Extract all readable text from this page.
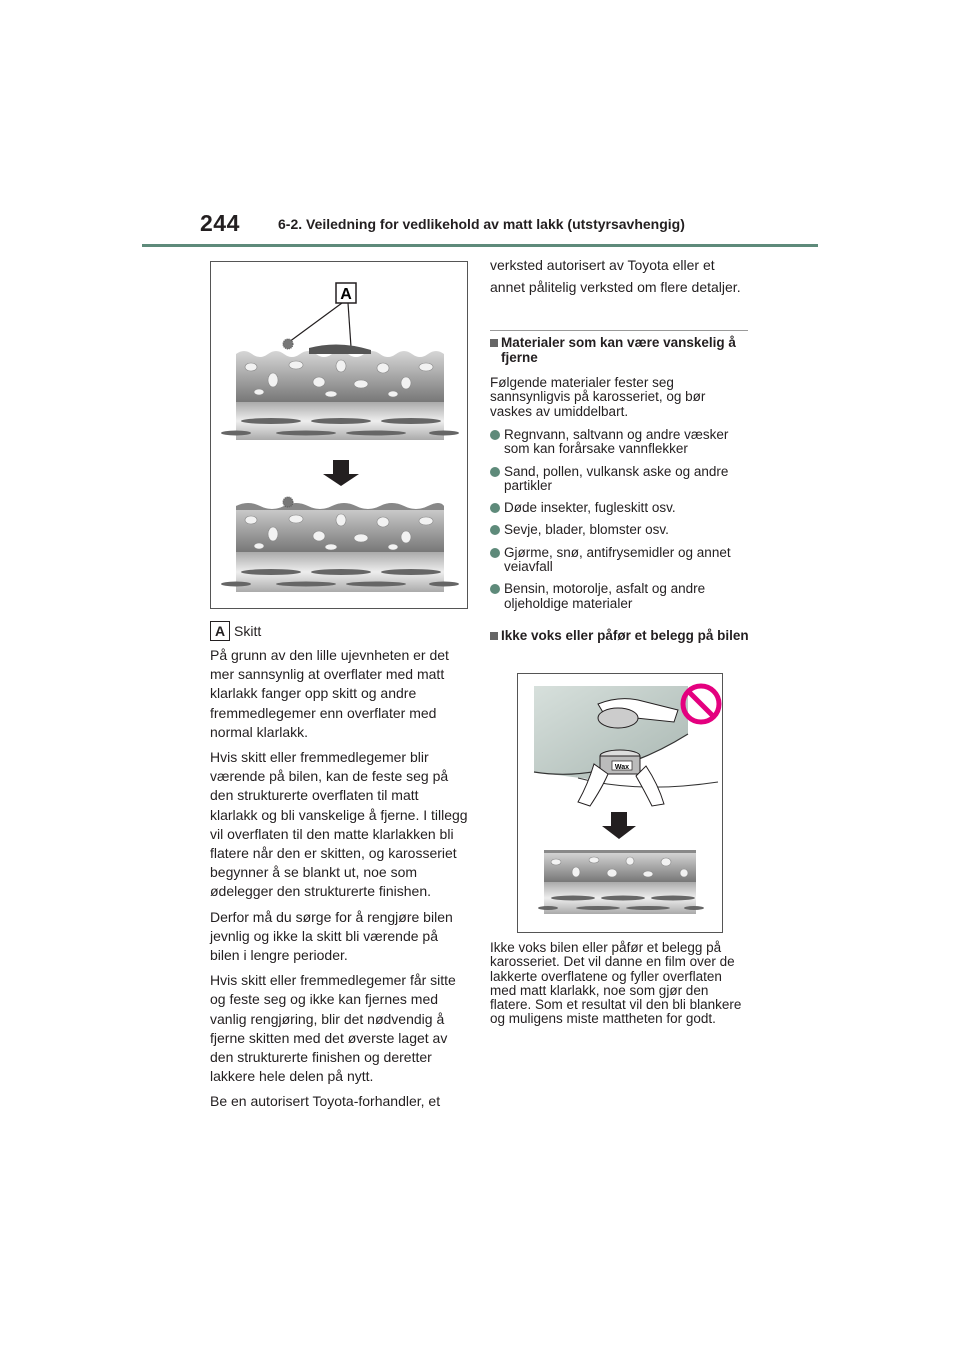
244	6-2. Veiledning for vedlikehold av matt lakk (utstyrsavhengig)
A
A Skitt

På grunn av den lille ujevnheten er det mer sannsynlig at overflater med matt klarlakk fanger opp skitt og andre fremmedlegemer enn overflater med normal klarlakk.

Hvis skitt eller fremmedlegemer blir værende på bilen, kan de feste seg på den strukturerte overflaten til matt klarlakk og bli vanskelige å fjerne. I tillegg vil overflaten til den matte klarlakken bli flatere når den er skitten, og karosseriet begynner å se blankt ut, noe som ødelegger den strukturerte finishen.

Derfor må du sørge for å rengjøre bilen jevnlig og ikke la skitt bli værende på bilen i lengre perioder.

Hvis skitt eller fremmedlegemer får sitte og feste seg og ikke kan fjernes med vanlig rengjøring, blir det nødvendig å fjerne skitten med det øverste laget av den strukturerte finishen og deretter lakkere hele delen på nytt.

Be en autorisert Toyota-forhandler, et

verksted autorisert av Toyota eller et annet pålitelig verksted om flere detaljer.

Materialer som kan være vanskelig å fjerne
Følgende materialer fester seg sannsynligvis på karosseriet, og bør vaskes av umiddelbart.
Regnvann, saltvann og andre væsker som kan forårsake vannflekker
Sand, pollen, vulkansk aske og andre partikler
Døde insekter, fugleskitt osv.
Sevje, blader, blomster osv.
Gjørme, snø, antifrysemidler og annet veiavfall
Bensin, motorolje, asfalt og andre oljeholdige materialer
Ikke voks eller påfør et belegg på bilen
Wax
Ikke voks bilen eller påfør et belegg på karosseriet. Det vil danne en film over de lakkerte overflatene og fyller overflaten med matt klarlakk, noe som gjør den flatere. Som et resultat vil den bli blankere og muligens miste mattheten for godt.
